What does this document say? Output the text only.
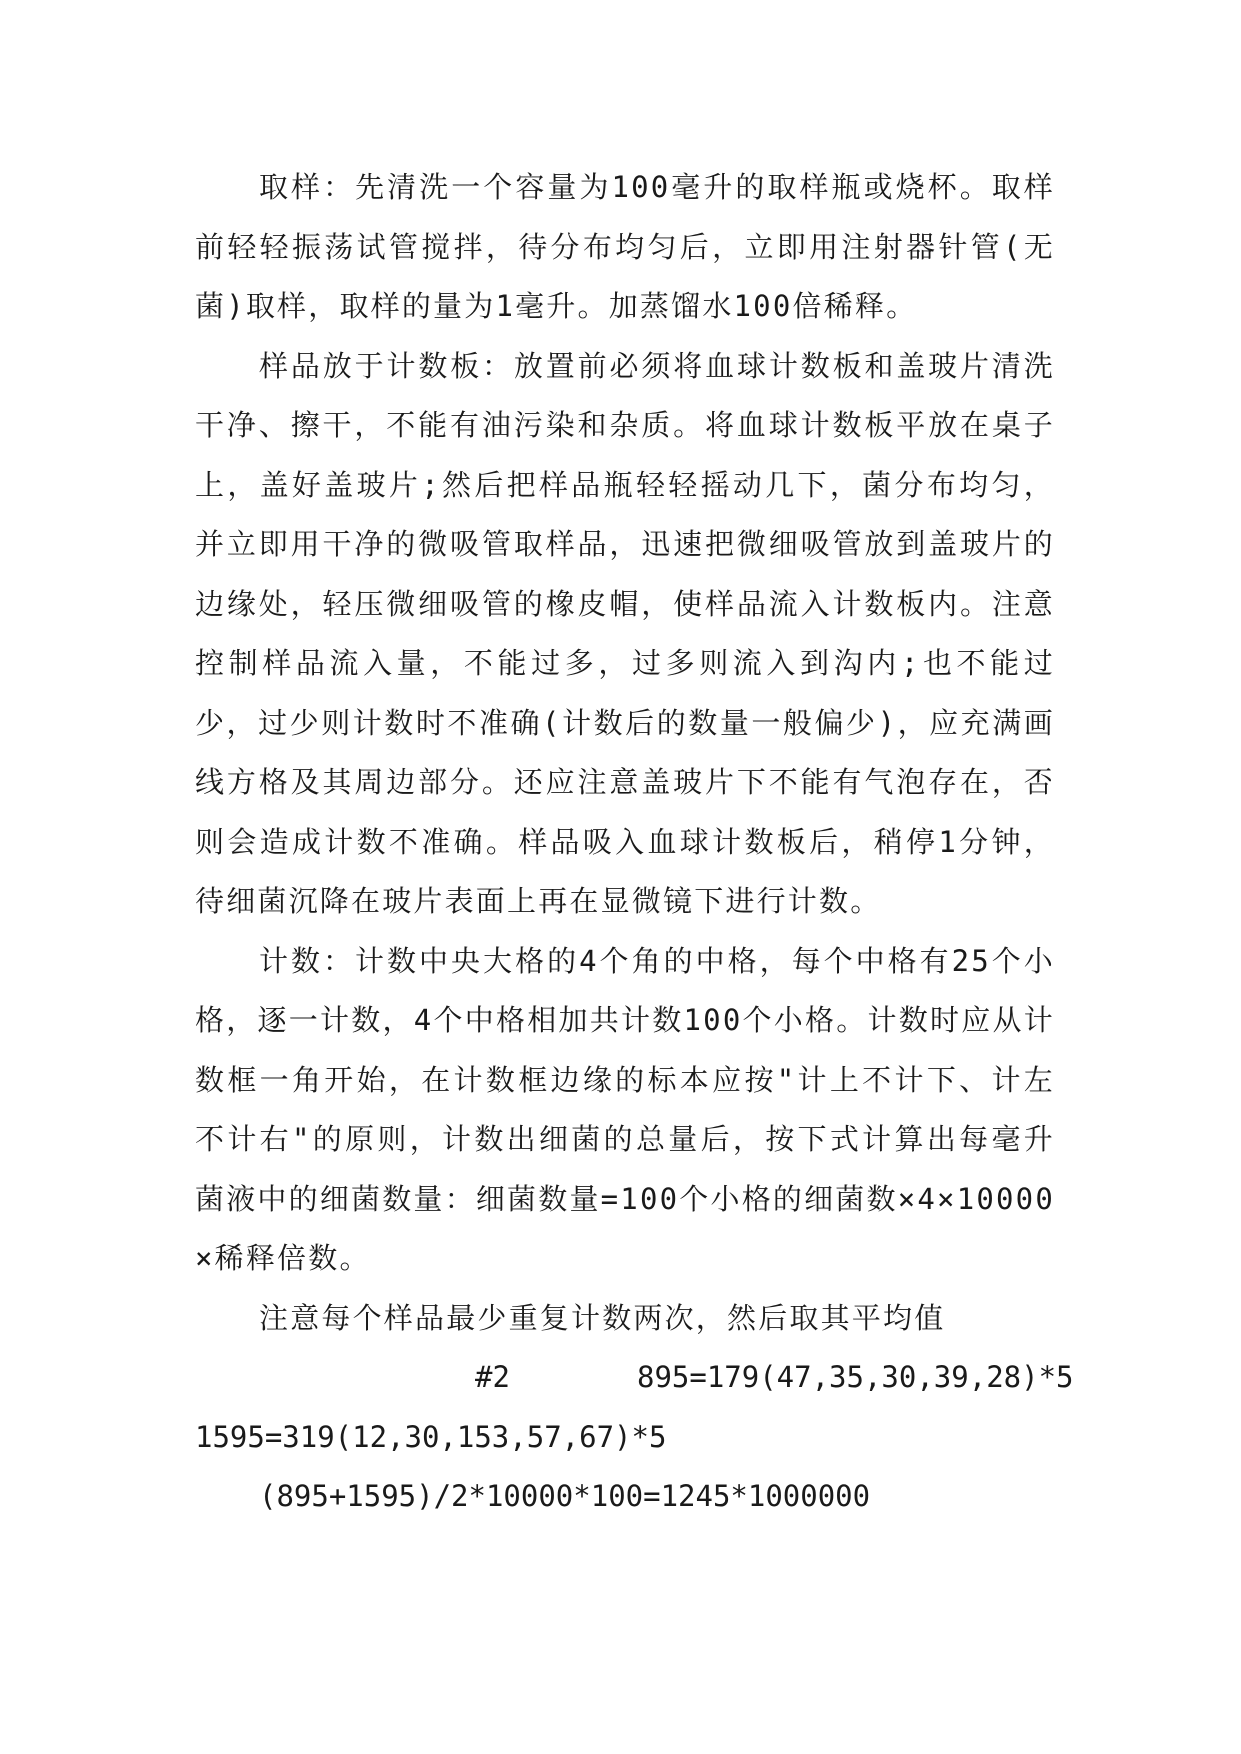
取样：先清洗一个容量为100毫升的取样瓶或烧杯。取样前轻轻振荡试管搅拌，待分布均匀后，立即用注射器针管(无菌)取样，取样的量为1毫升。加蒸馏水100倍稀释。

样品放于计数板：放置前必须将血球计数板和盖玻片清洗干净、擦干，不能有油污染和杂质。将血球计数板平放在桌子上，盖好盖玻片;然后把样品瓶轻轻摇动几下，菌分布均匀，并立即用干净的微吸管取样品，迅速把微细吸管放到盖玻片的边缘处，轻压微细吸管的橡皮帽，使样品流入计数板内。注意控制样品流入量，不能过多，过多则流入到沟内;也不能过少，过少则计数时不准确(计数后的数量一般偏少)，应充满画线方格及其周边部分。还应注意盖玻片下不能有气泡存在，否则会造成计数不准确。样品吸入血球计数板后，稍停1分钟，待细菌沉降在玻片表面上再在显微镜下进行计数。

计数：计数中央大格的4个角的中格，每个中格有25个小格，逐一计数，4个中格相加共计数100个小格。计数时应从计数框一角开始，在计数框边缘的标本应按"计上不计下、计左不计右"的原则，计数出细菌的总量后，按下式计算出每毫升菌液中的细菌数量：细菌数量=100个小格的细菌数×4×10000×稀释倍数。

注意每个样品最少重复计数两次，然后取其平均值

#2	895=179(47,35,30,39,28)*5
1595=319(12,30,153,57,67)*5
(895+1595)/2*10000*100=1245*1000000
